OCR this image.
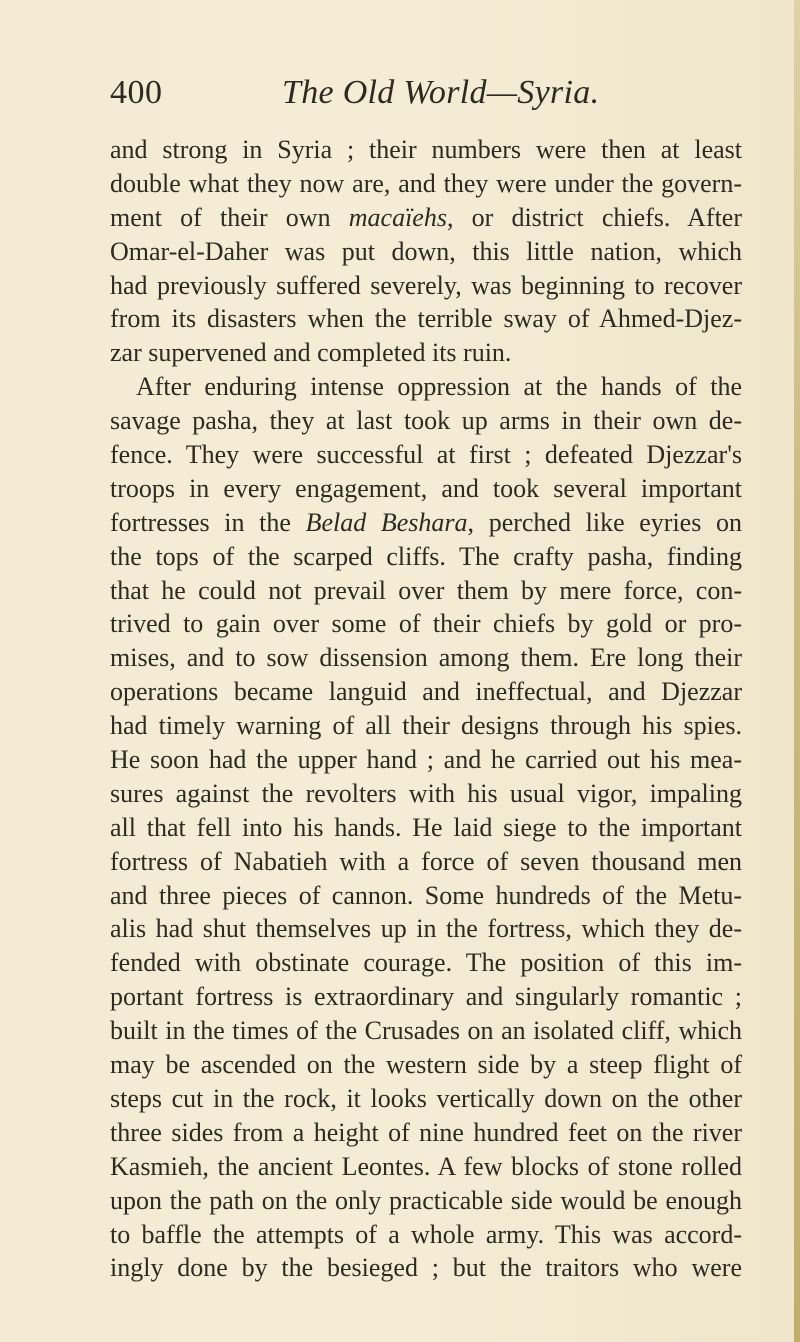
400	The Old World—Syria.
and strong in Syria ; their numbers were then at least
double what they now are, and they were under the govern-
ment of their own macaïehs, or district chiefs. After
Omar-el-Daher was put down, this little nation, which
had previously suffered severely, was beginning to recover
from its disasters when the terrible sway of Ahmed-Djez-
zar supervened and completed its ruin.
After enduring intense oppression at the hands of the
savage pasha, they at last took up arms in their own de-
fence. They were successful at first ; defeated Djezzar's
troops in every engagement, and took several important
fortresses in the Belad Beshara, perched like eyries on
the tops of the scarped cliffs. The crafty pasha, finding
that he could not prevail over them by mere force, con-
trived to gain over some of their chiefs by gold or pro-
mises, and to sow dissension among them. Ere long their
operations became languid and ineffectual, and Djezzar
had timely warning of all their designs through his spies.
He soon had the upper hand ; and he carried out his mea-
sures against the revolters with his usual vigor, impaling
all that fell into his hands. He laid siege to the important
fortress of Nabatieh with a force of seven thousand men
and three pieces of cannon. Some hundreds of the Metu-
alis had shut themselves up in the fortress, which they de-
fended with obstinate courage. The position of this im-
portant fortress is extraordinary and singularly romantic ;
built in the times of the Crusades on an isolated cliff, which
may be ascended on the western side by a steep flight of
steps cut in the rock, it looks vertically down on the other
three sides from a height of nine hundred feet on the river
Kasmieh, the ancient Leontes. A few blocks of stone rolled
upon the path on the only practicable side would be enough
to baffle the attempts of a whole army. This was accord-
ingly done by the besieged ; but the traitors who were
